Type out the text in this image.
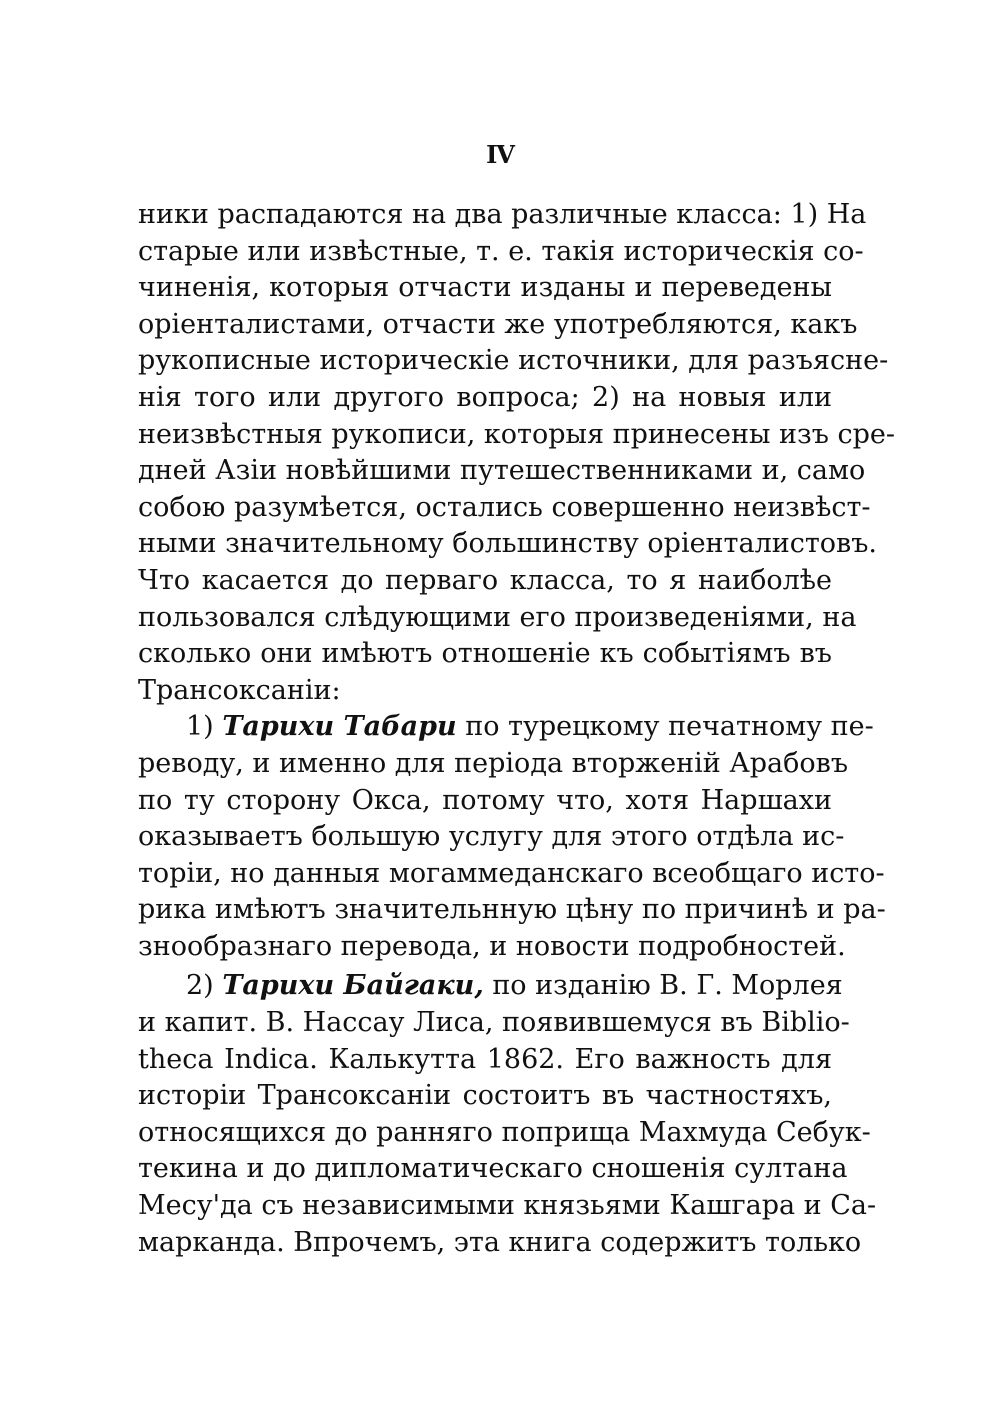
IV
ники распадаются на два различные класса: 1) На
старые или извѣстные, т. е. такія историческія со-
чиненія, которыя отчасти изданы и переведены
оріенталистами, отчасти же употребляются, какъ
рукописные историческіе источники, для разъясне-
нія того или другого вопроса; 2) на новыя или
неизвѣстныя рукописи, которыя принесены изъ сре-
дней Азіи новѣйшими путешественниками и, само
собою разумѣется, остались совершенно неизвѣст-
ными значительному большинству оріенталистовъ.
Что касается до перваго класса, то я наиболѣе
пользовался слѣдующими его произведеніями, на
сколько они имѣютъ отношеніе къ событіямъ въ
Трансоксаніи:
1) Тарихи Табари по турецкому печатному пе-
реводу, и именно для періода вторженій Арабовъ
по ту сторону Окса, потому что, хотя Наршахи
оказываетъ большую услугу для этого отдѣла ис-
торіи, но данныя могаммеданскаго всеобщаго исто-
рика имѣютъ значительнную цѣну по причинѣ и ра-
знообразнаго перевода, и новости подробностей.
2) Тарихи Байгаки, по изданію В. Г. Морлея
и капит. В. Нассау Лиса, появившемуся въ Biblio-
theca Indica. Калькутта 1862. Его важность для
исторіи Трансоксаніи состоитъ въ частностяхъ,
относящихся до ранняго поприща Махмуда Себук-
текина и до дипломатическаго сношенія султана
Месу'да съ независимыми князьями Кашгара и Са-
марканда. Впрочемъ, эта книга содержитъ только
